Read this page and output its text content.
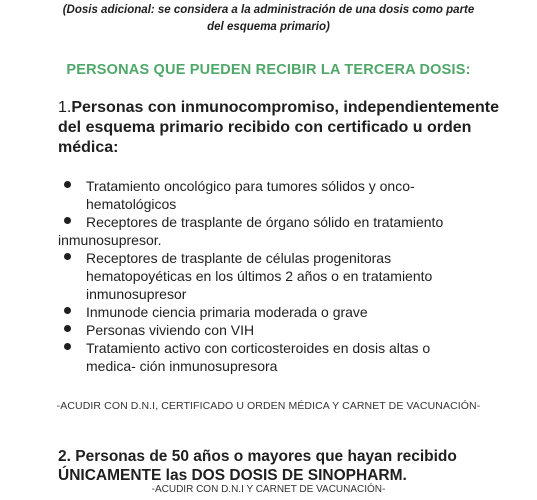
(Dosis adicional: se considera a la administración de una dosis como parte
del esquema primario)
PERSONAS QUE PUEDEN RECIBIR LA TERCERA DOSIS:
1.Personas con inmunocompromiso, independientemente del esquema primario recibido con certificado u orden médica:
Tratamiento oncológico para tumores sólidos y onco-
hematológicos
Receptores de trasplante de órgano sólido en tratamiento

inmunosupresor.
Receptores de trasplante de células progenitoras
hematopoyéticas en los últimos 2 años o en tratamiento
inmunosupresor
Inmunode ciencia primaria moderada o grave
Personas viviendo con VIH
Tratamiento activo con corticosteroides en dosis altas o
medica- ción inmunosupresora
-ACUDIR CON D.N.I, CERTIFICADO U ORDEN MÉDICA Y CARNET DE VACUNACIÓN-
2. Personas de 50 años o mayores que hayan recibido
ÚNICAMENTE las DOS DOSIS DE SINOPHARM.
-ACUDIR CON D.N.I Y CARNET DE VACUNACIÓN-
